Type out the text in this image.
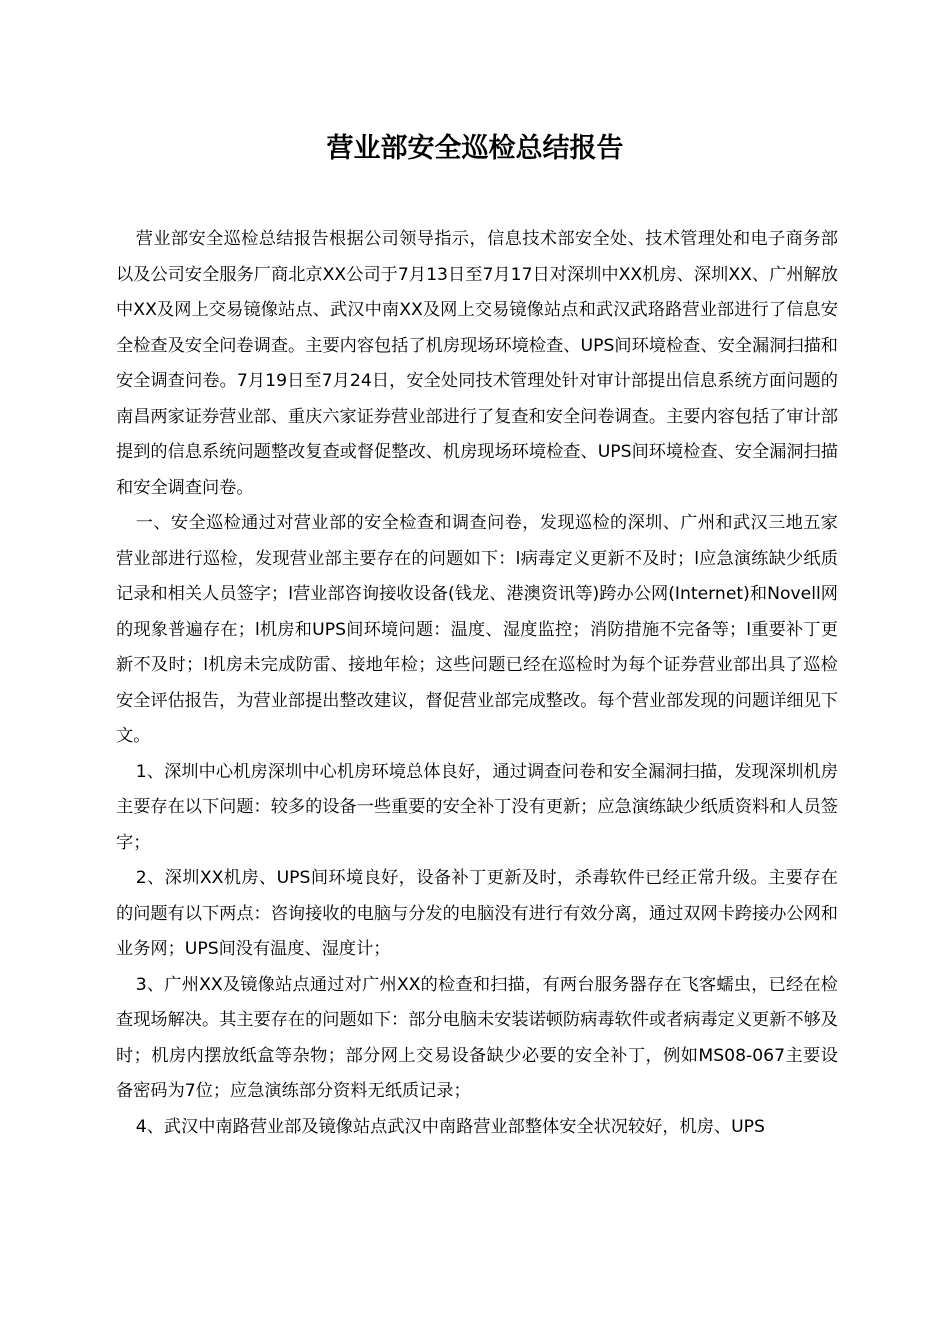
营业部安全巡检总结报告

营业部安全巡检总结报告根据公司领导指示，信息技术部安全处、技术管理处和电子商务部以及公司安全服务厂商北京XX公司于7月13日至7月17日对深圳中XX机房、深圳XX、广州解放中XX及网上交易镜像站点、武汉中南XX及网上交易镜像站点和武汉武珞路营业部进行了信息安全检查及安全问卷调查。主要内容包括了机房现场环境检查、UPS间环境检查、安全漏洞扫描和安全调查问卷。7月19日至7月24日，安全处同技术管理处针对审计部提出信息系统方面问题的南昌两家证券营业部、重庆六家证券营业部进行了复查和安全问卷调查。主要内容包括了审计部提到的信息系统问题整改复查或督促整改、机房现场环境检查、UPS间环境检查、安全漏洞扫描和安全调查问卷。

一、安全巡检通过对营业部的安全检查和调查问卷，发现巡检的深圳、广州和武汉三地五家营业部进行巡检，发现营业部主要存在的问题如下：l病毒定义更新不及时；l应急演练缺少纸质记录和相关人员签字；l营业部咨询接收设备(钱龙、港澳资讯等)跨办公网(Internet)和Novell网的现象普遍存在；l机房和UPS间环境问题：温度、湿度监控；消防措施不完备等；l重要补丁更新不及时；l机房未完成防雷、接地年检；这些问题已经在巡检时为每个证券营业部出具了巡检安全评估报告，为营业部提出整改建议，督促营业部完成整改。每个营业部发现的问题详细见下文。

1、深圳中心机房深圳中心机房环境总体良好，通过调查问卷和安全漏洞扫描，发现深圳机房主要存在以下问题：较多的设备一些重要的安全补丁没有更新；应急演练缺少纸质资料和人员签字；

2、深圳XX机房、UPS间环境良好，设备补丁更新及时，杀毒软件已经正常升级。主要存在的问题有以下两点：咨询接收的电脑与分发的电脑没有进行有效分离，通过双网卡跨接办公网和业务网；UPS间没有温度、湿度计；

3、广州XX及镜像站点通过对广州XX的检查和扫描，有两台服务器存在飞客蠕虫，已经在检查现场解决。其主要存在的问题如下：部分电脑未安装诺顿防病毒软件或者病毒定义更新不够及时；机房内摆放纸盒等杂物；部分网上交易设备缺少必要的安全补丁，例如MS08-067主要设备密码为7位；应急演练部分资料无纸质记录；

4、武汉中南路营业部及镜像站点武汉中南路营业部整体安全状况较好，机房、UPS
